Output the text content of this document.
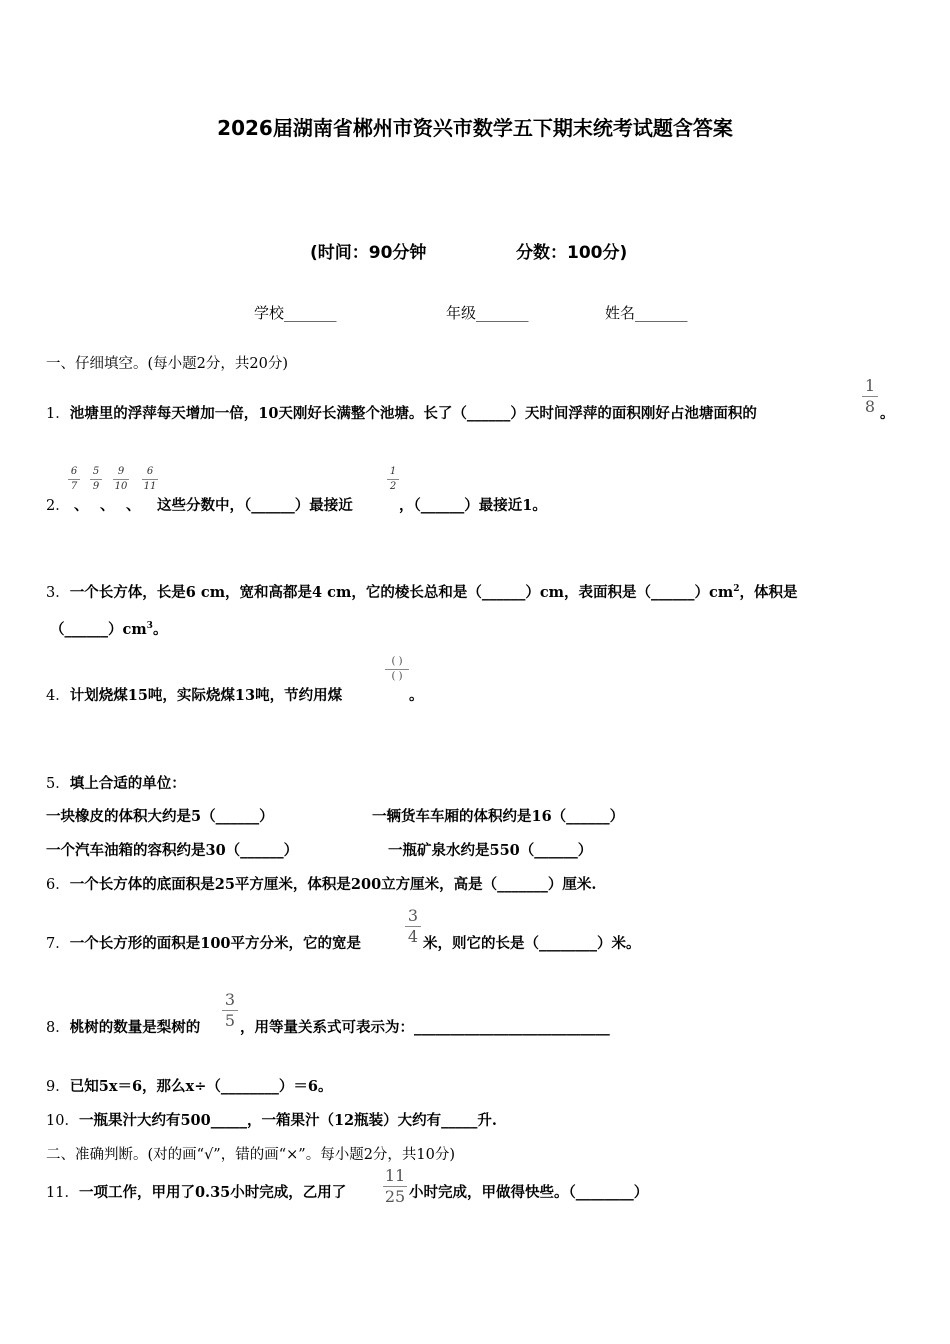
2026届湖南省郴州市资兴市数学五下期末统考试题含答案
(时间：90分钟	分数：100分)
学校_______	年级_______	姓名_______
一、仔细填空。(每小题2分，共20分)
1．池塘里的浮萍每天增加一倍，10天刚好长满整个池塘。长了（______）天时间浮萍的面积刚好占池塘面积的
1
8 。
2．
6
7
、
5
9
、
9
10
、
6
11
这些分数中，（______）最接近
1
2
，（______）最接近1。
3．一个长方体，长是6 cm，宽和高都是4 cm，它的棱长总和是（______）cm，表面积是$(\_\_\_\_\_\_)cm^2$，体积是
$(\_\_\_\_\_\_)cm^3$。
4．计划烧煤15吨，实际烧煤13吨，节约用煤
( )
( )
。
5．填上合适的单位：
一块橡皮的体积大约是5（______）	一辆货车车厢的体积约是16（______）
一个汽车油箱的容积约是30（______）	一瓶矿泉水约是550（______）
6．一个长方体的底面积是25平方厘米，体积是200立方厘米，高是（_______）厘米.
7．一个长方形的面积是100平方分米，它的宽是
3
4 米，则它的长是（________）米。
8．桃树的数量是梨树的
3
5 ，用等量关系式可表示为：___________________________
9．已知5x＝6，那么x÷（________）＝6。
10．一瓶果汁大约有500_____，一箱果汁（12瓶装）大约有_____升.
二、准确判断。(对的画“√”，错的画“×”。每小题2分，共10分)
11．一项工作，甲用了0.35小时完成，乙用了
11
25 小时完成，甲做得快些。（________）
